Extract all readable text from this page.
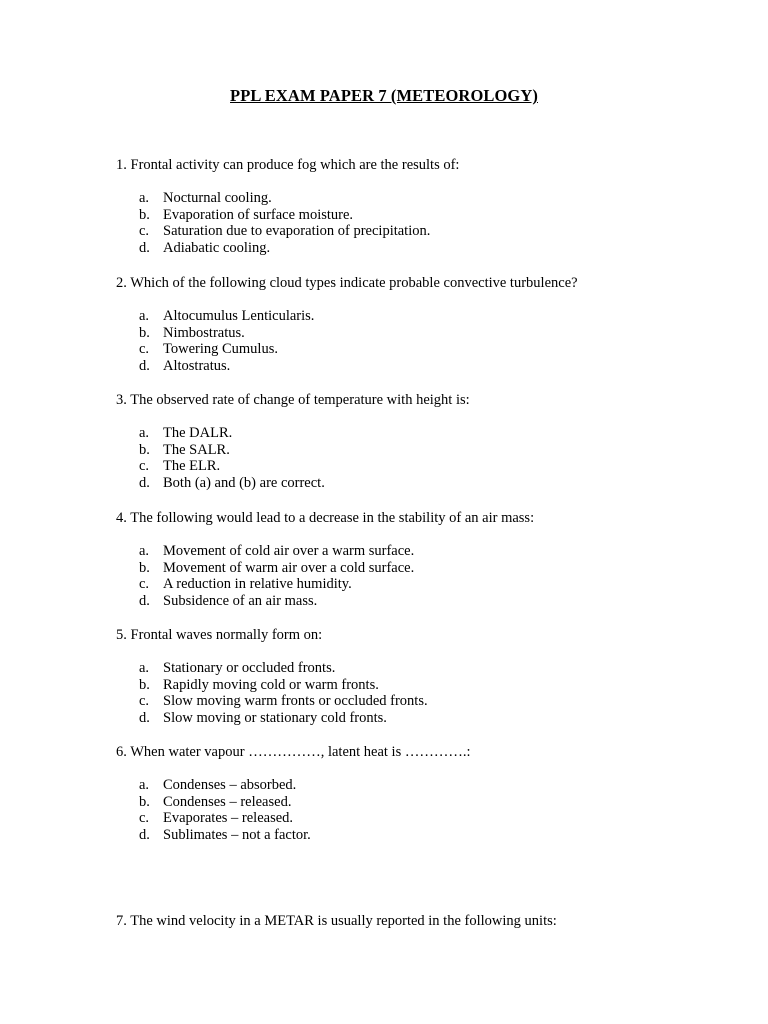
PPL EXAM PAPER 7 (METEOROLOGY)

1. Frontal activity can produce fog which are the results of:

a. Nocturnal cooling.
b. Evaporation of surface moisture.
c. Saturation due to evaporation of precipitation.
d. Adiabatic cooling.

2. Which of the following cloud types indicate probable convective turbulence?

a. Altocumulus Lenticularis.
b. Nimbostratus.
c. Towering Cumulus.
d. Altostratus.

3. The observed rate of change of temperature with height is:

a. The DALR.
b. The SALR.
c. The ELR.
d. Both (a) and (b) are correct.

4. The following would lead to a decrease in the stability of an air mass:

a. Movement of cold air over a warm surface.
b. Movement of warm air over a cold surface.
c. A reduction in relative humidity.
d. Subsidence of an air mass.

5. Frontal waves normally form on:

a. Stationary or occluded fronts.
b. Rapidly moving cold or warm fronts.
c. Slow moving warm fronts or occluded fronts.
d. Slow moving or stationary cold fronts.

6. When water vapour ……………, latent heat is ………….:

a. Condenses – absorbed.
b. Condenses – released.
c. Evaporates – released.
d. Sublimates – not a factor.

7. The wind velocity in a METAR is usually reported in the following units:
